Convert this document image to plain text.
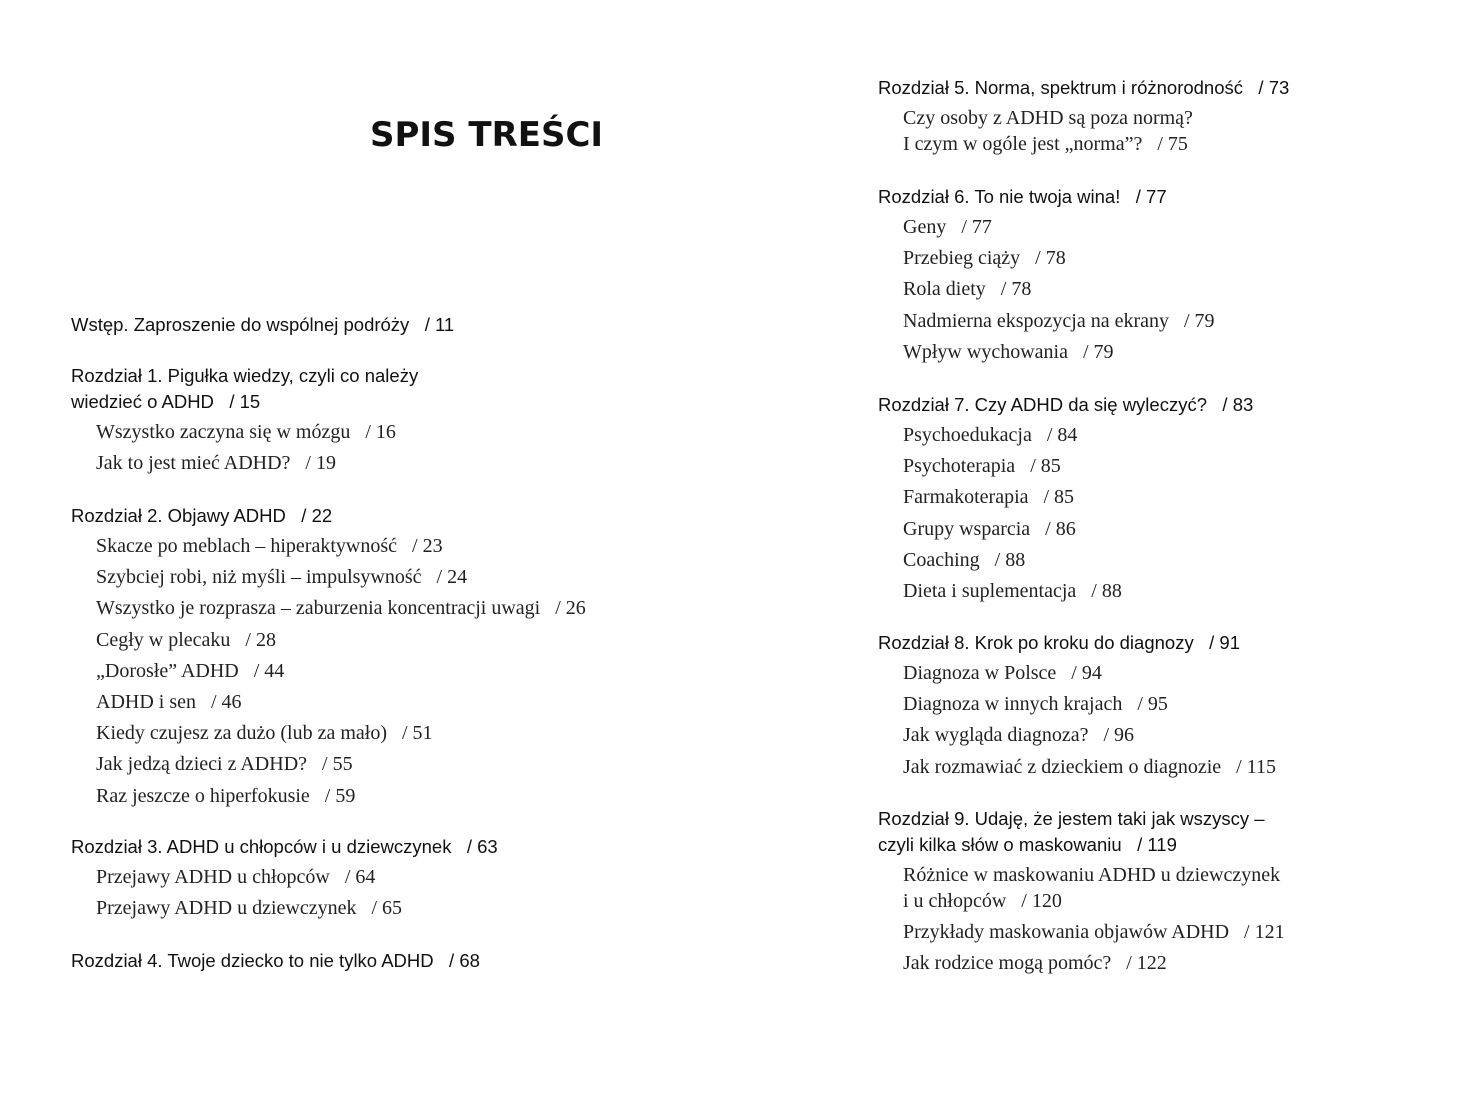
SPIS TREŚCI

Wstęp. Zaproszenie do wspólnej podróży   / 11

Rozdział 1. Pigułka wiedzy, czyli co należy
wiedzieć o ADHD   / 15

Wszystko zaczyna się w mózgu   / 16
Jak to jest mieć ADHD?   / 19

Rozdział 2. Objawy ADHD   / 22

Skacze po meblach – hiperaktywność   / 23
Szybciej robi, niż myśli – impulsywność   / 24
Wszystko je rozprasza – zaburzenia koncentracji uwagi   / 26
Cegły w plecaku   / 28
„Dorosłe” ADHD   / 44
ADHD i sen   / 46
Kiedy czujesz za dużo (lub za mało)   / 51
Jak jedzą dzieci z ADHD?   / 55
Raz jeszcze o hiperfokusie   / 59

Rozdział 3. ADHD u chłopców i u dziewczynek   / 63

Przejawy ADHD u chłopców   / 64
Przejawy ADHD u dziewczynek   / 65

Rozdział 4. Twoje dziecko to nie tylko ADHD   / 68

Rozdział 5. Norma, spektrum i różnorodność   / 73

Czy osoby z ADHD są poza normą?
I czym w ogóle jest „norma”?   / 75

Rozdział 6. To nie twoja wina!   / 77

Geny   / 77
Przebieg ciąży   / 78
Rola diety   / 78
Nadmierna ekspozycja na ekrany   / 79
Wpływ wychowania   / 79

Rozdział 7. Czy ADHD da się wyleczyć?   / 83

Psychoedukacja   / 84
Psychoterapia   / 85
Farmakoterapia   / 85
Grupy wsparcia   / 86
Coaching   / 88
Dieta i suplementacja   / 88

Rozdział 8. Krok po kroku do diagnozy   / 91

Diagnoza w Polsce   / 94
Diagnoza w innych krajach   / 95
Jak wygląda diagnoza?   / 96
Jak rozmawiać z dzieckiem o diagnozie   / 115

Rozdział 9. Udaję, że jestem taki jak wszyscy –
czyli kilka słów o maskowaniu   / 119

Różnice w maskowaniu ADHD u dziewczynek
i u chłopców   / 120
Przykłady maskowania objawów ADHD   / 121
Jak rodzice mogą pomóc?   / 122
